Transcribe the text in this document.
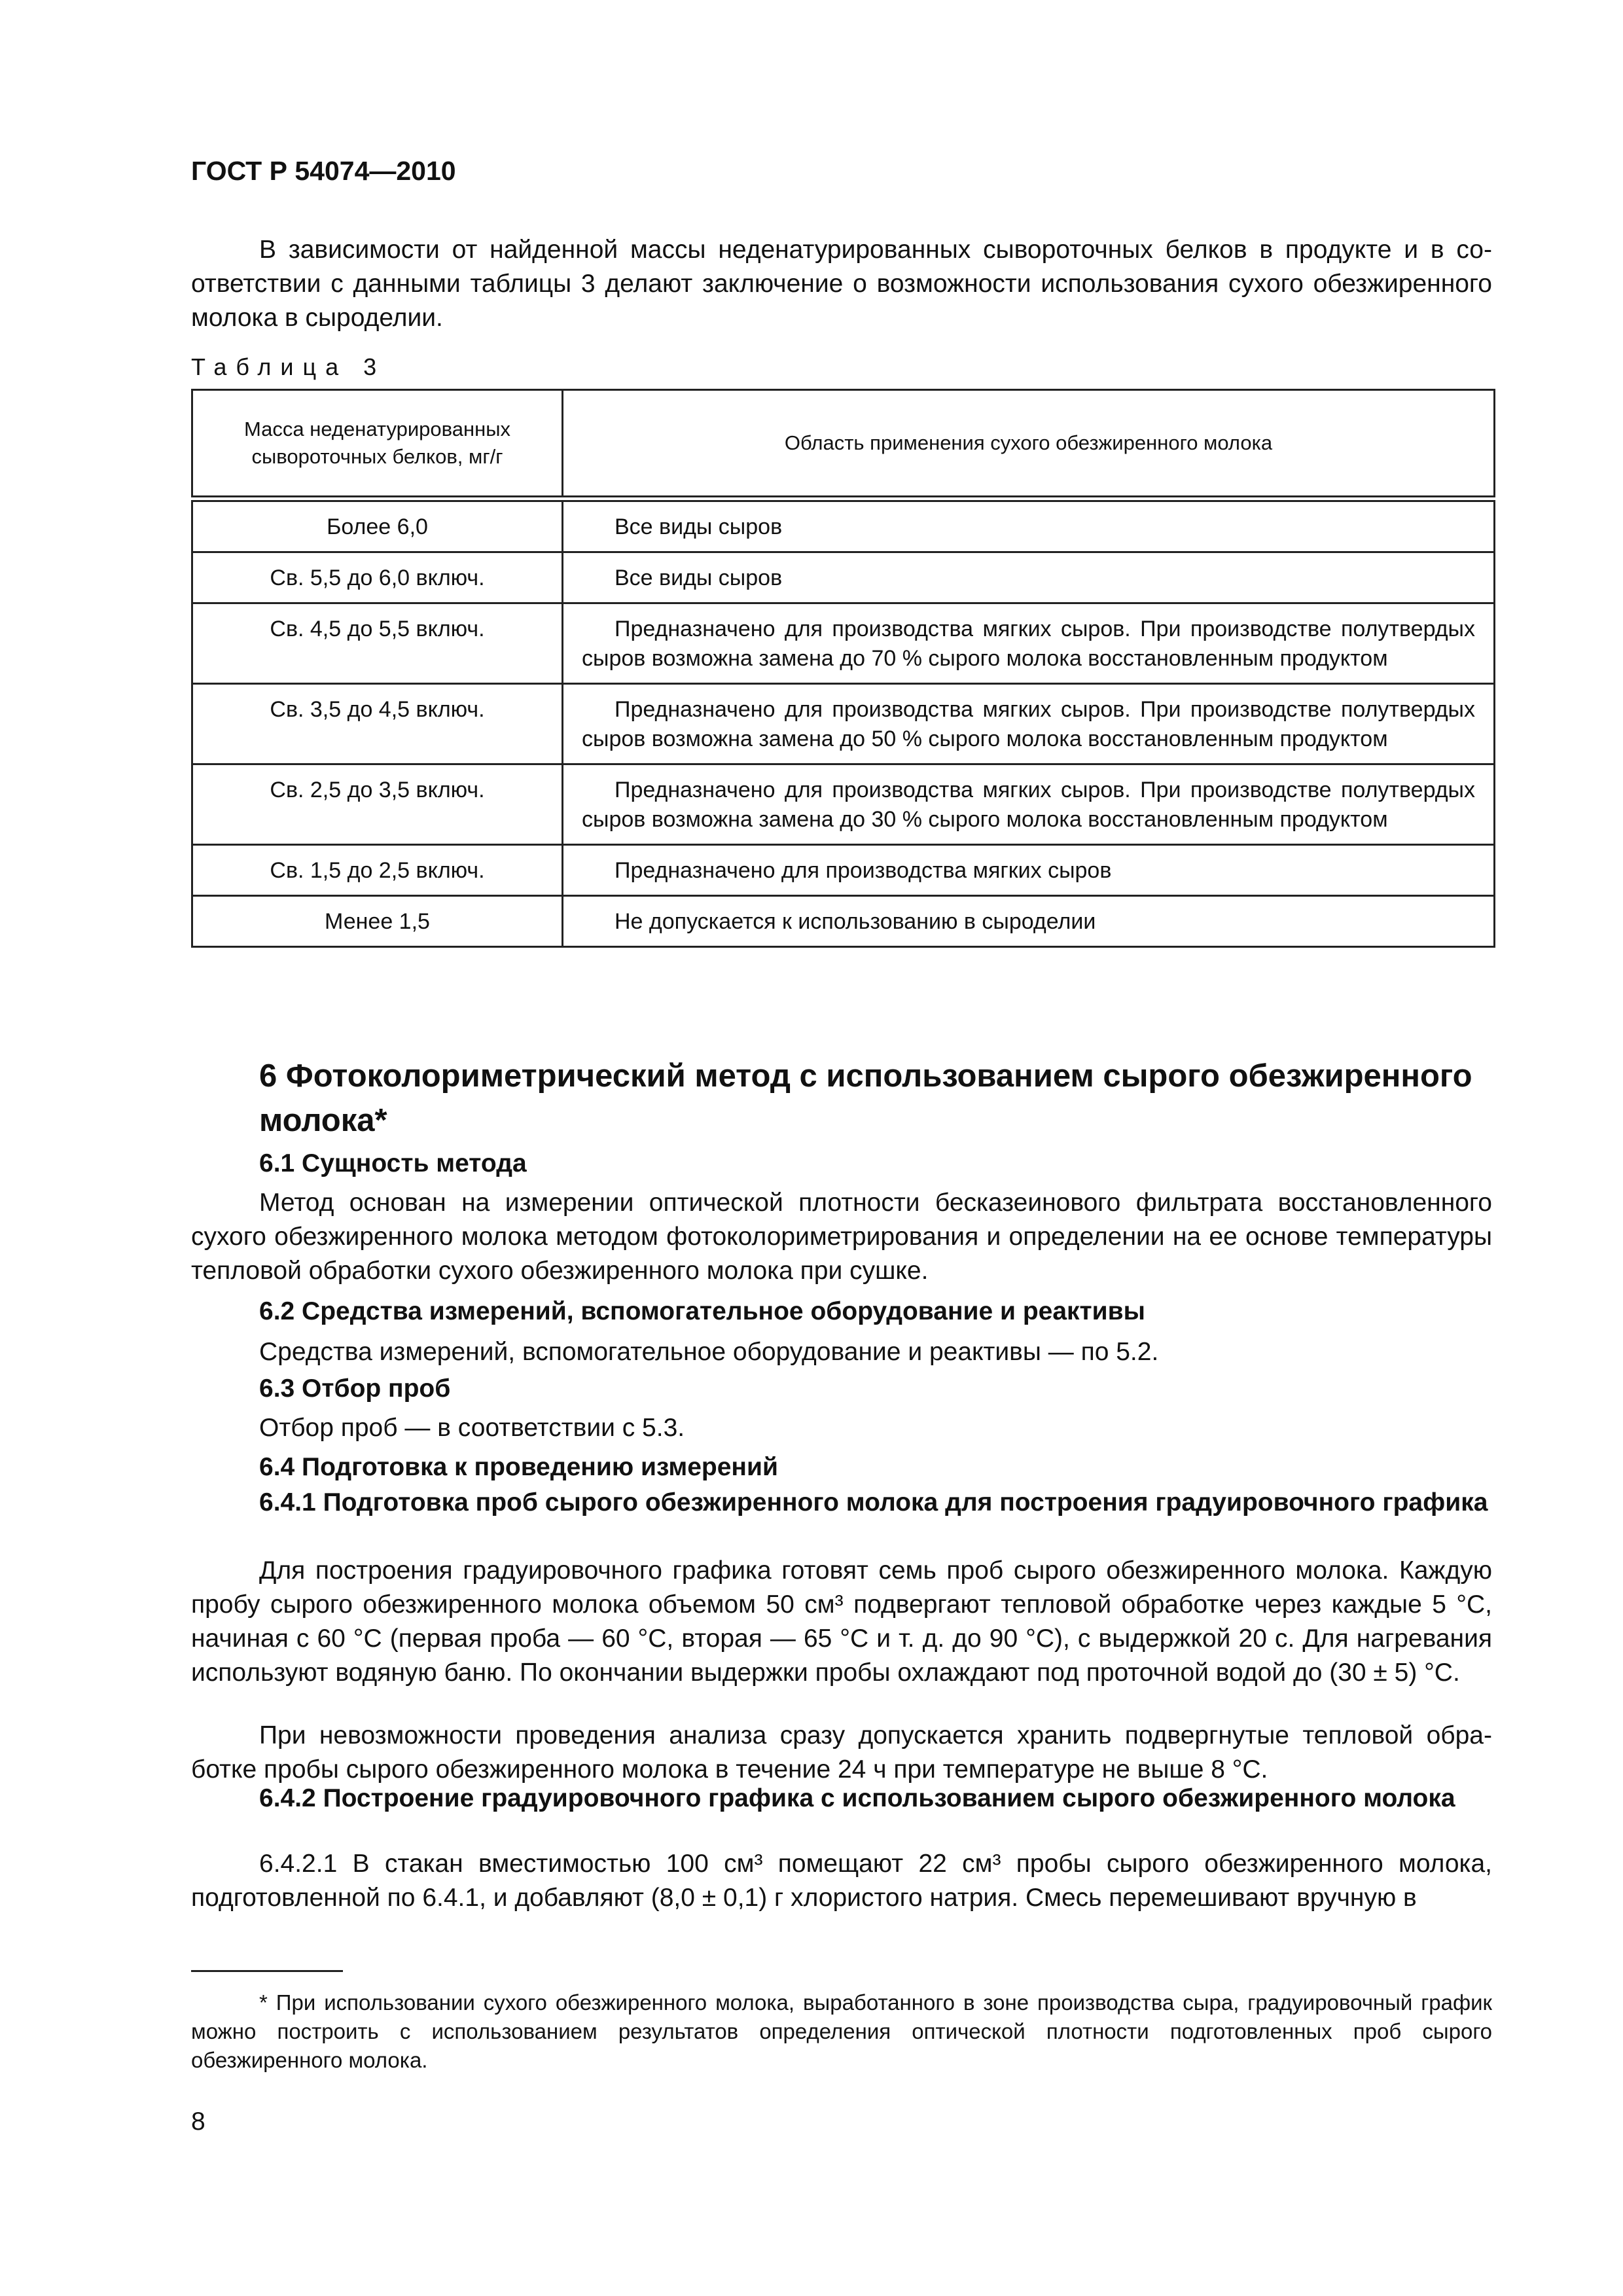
ГОСТ Р 54074—2010

В зависимости от найденной массы неденатурированных сывороточных белков в продукте и в соответствии с данными таблицы 3 делают заключение о возможности использования сухого обезжиренного молока в сыроделии.

Таблица 3

Масса неденатурированных сывороточных белков, мг/г	Область применения сухого обезжиренного молока
Более 6,0	Все виды сыров
Св. 5,5 до 6,0 включ.	Все виды сыров
Св. 4,5 до 5,5 включ.	Предназначено для производства мягких сыров. При производстве полутвердых сыров возможна замена до 70 % сырого молока восстановленным продуктом
Св. 3,5 до 4,5 включ.	Предназначено для производства мягких сыров. При производстве полутвердых сыров возможна замена до 50 % сырого молока восстановленным продуктом
Св. 2,5 до 3,5 включ.	Предназначено для производства мягких сыров. При производстве полутвердых сыров возможна замена до 30 % сырого молока восстановленным продуктом
Св. 1,5 до 2,5 включ.	Предназначено для производства мягких сыров
Менее 1,5	Не допускается к использованию в сыроделии
6 Фотоколориметрический метод с использованием сырого обезжиренного молока*

6.1 Сущность метода

Метод основан на измерении оптической плотности бесказеинового фильтрата восстановленного сухого обезжиренного молока методом фотоколориметрирования и определении на ее основе температуры тепловой обработки сухого обезжиренного молока при сушке.

6.2 Средства измерений, вспомогательное оборудование и реактивы

Средства измерений, вспомогательное оборудование и реактивы — по 5.2.

6.3 Отбор проб

Отбор проб — в соответствии с 5.3.

6.4 Подготовка к проведению измерений

6.4.1 Подготовка проб сырого обезжиренного молока для построения градуировочного графика

Для построения градуировочного графика готовят семь проб сырого обезжиренного молока. Каждую пробу сырого обезжиренного молока объемом 50 см³ подвергают тепловой обработке через каждые 5 °С, начиная с 60 °С (первая проба — 60 °С, вторая — 65 °С и т. д. до 90 °С), с выдержкой 20 с. Для нагревания используют водяную баню. По окончании выдержки пробы охлаждают под проточной водой до (30 ± 5) °С.

При невозможности проведения анализа сразу допускается хранить подвергнутые тепловой обработке пробы сырого обезжиренного молока в течение 24 ч при температуре не выше 8 °С.

6.4.2 Построение градуировочного графика с использованием сырого обезжиренного молока

6.4.2.1 В стакан вместимостью 100 см³ помещают 22 см³ пробы сырого обезжиренного молока, подготовленной по 6.4.1, и добавляют (8,0 ± 0,1) г хлористого натрия. Смесь перемешивают вручную в

* При использовании сухого обезжиренного молока, выработанного в зоне производства сыра, градуировочный график можно построить с использованием результатов определения оптической плотности подготовленных проб сырого обезжиренного молока.

8
